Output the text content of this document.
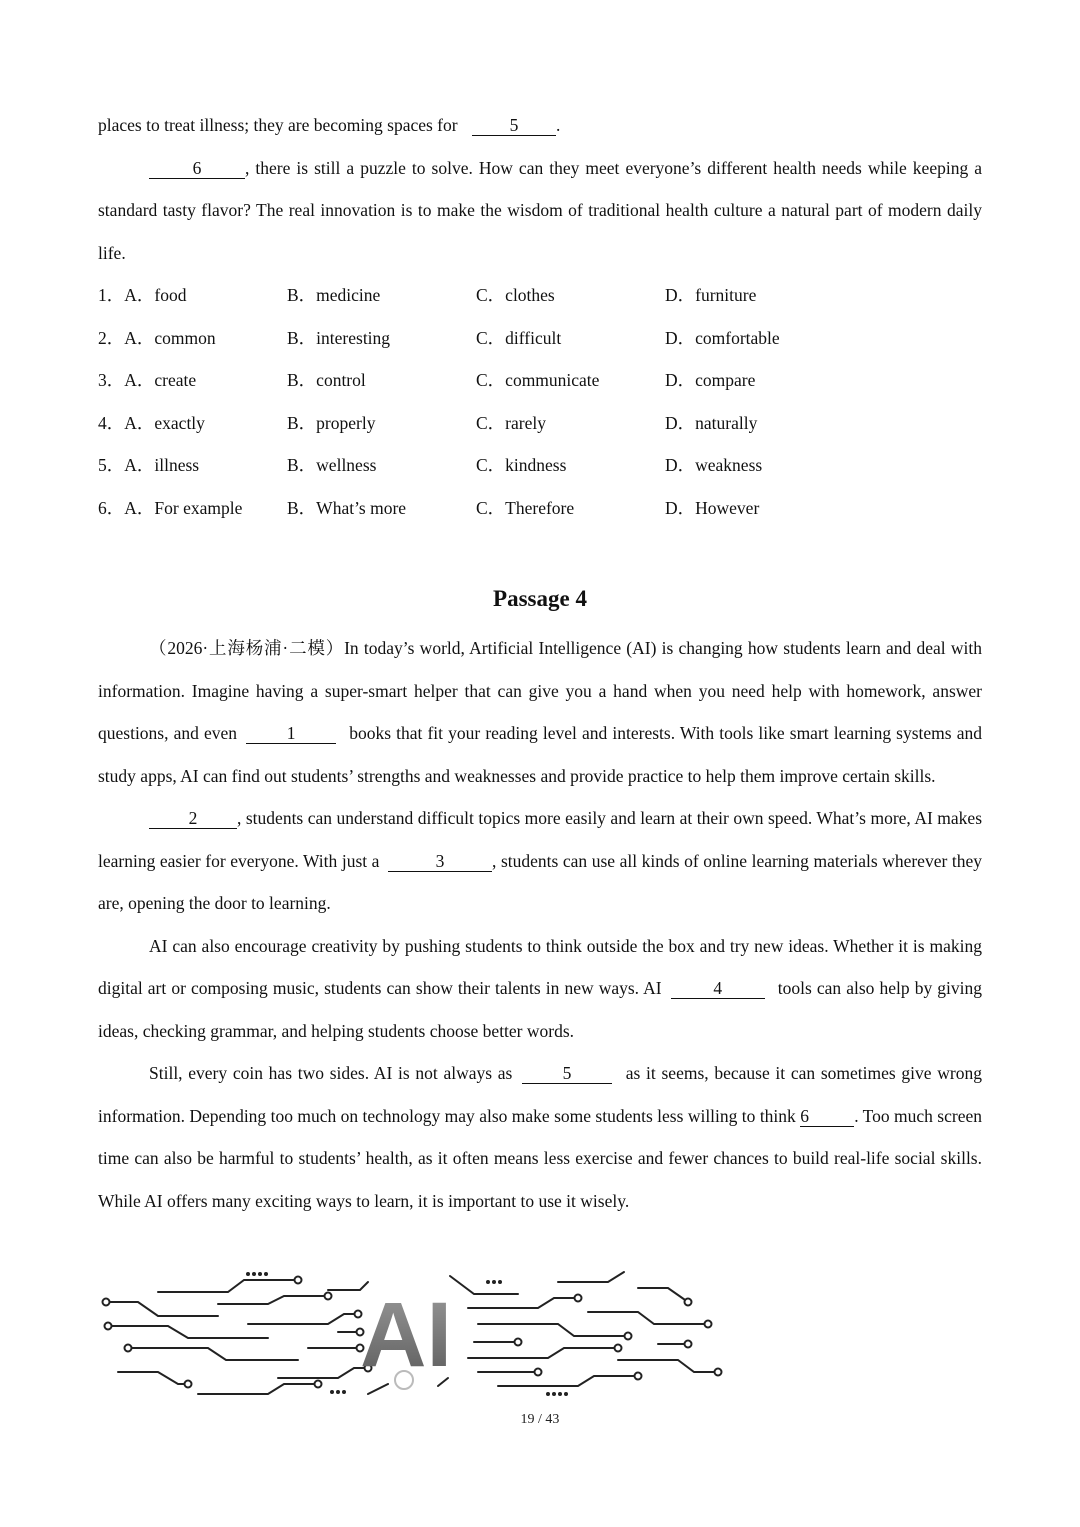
places to treat illness; they are becoming spaces for	5 .

6 , there is still a puzzle to solve. How can they meet everyone’s different health needs while keeping a standard tasty flavor? The real innovation is to make the wisdom of traditional health culture a natural part of modern daily life.

1．A．food	B．medicine	C．clothes	D．furniture
2．A．common	B．interesting	C．difficult	D．comfortable
3．A．create	B．control	C．communicate	D．compare
4．A．exactly	B．properly	C．rarely	D．naturally
5．A．illness	B．wellness	C．kindness	D．weakness
6．A．For example	B．What’s more	C．Therefore	D．However
Passage 4

（2026·上海杨浦·二模）In today’s world, Artificial Intelligence (AI) is changing how students learn and deal with information. Imagine having a super-smart helper that can give you a hand when you need help with homework, answer questions, and even	1	books that fit your reading level and interests. With tools like smart learning systems and study apps, AI can find out students’ strengths and weaknesses and provide practice to help them improve certain skills.

2 , students can understand difficult topics more easily and learn at their own speed. What’s more, AI makes learning easier for everyone. With just a	3	, students can use all kinds of online learning materials wherever they are, opening the door to learning.

AI can also encourage creativity by pushing students to think outside the box and try new ideas. Whether it is making digital art or composing music, students can show their talents in new ways. AI	4	tools can also help by giving ideas, checking grammar, and helping students choose better words.

Still, every coin has two sides. AI is not always as	5	as it seems, because it can sometimes give wrong information. Depending too much on technology may also make some students less willing to think 6	. Too much screen time can also be harmful to students’ health, as it often means less exercise and fewer chances to build real-life social skills. While AI offers many exciting ways to learn, it is important to use it wisely.

AI
19 / 43
